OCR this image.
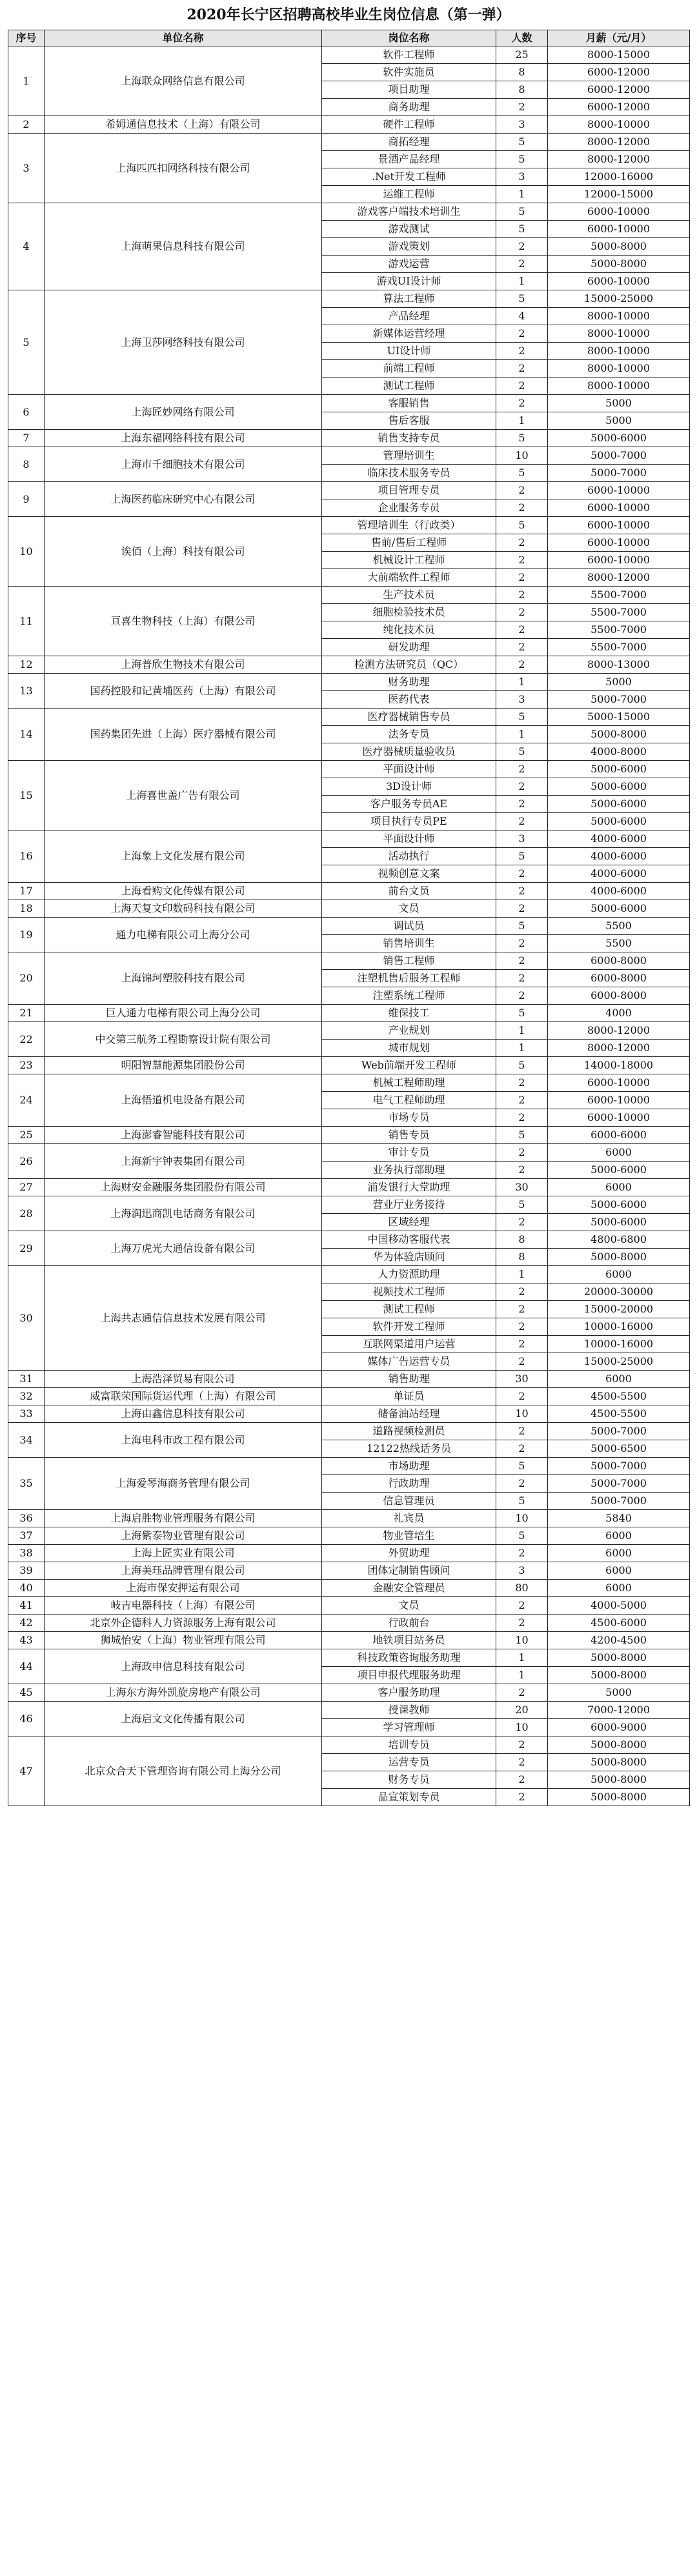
2020年长宁区招聘高校毕业生岗位信息（第一弹）
序号	单位名称	岗位名称	人数	月薪（元/月）
1	上海联众网络信息有限公司	软件工程师	25	8000-15000
		软件实施员	8	6000-12000
		项目助理	8	6000-12000
		商务助理	2	6000-12000
2	希姆通信息技术（上海）有限公司	硬件工程师	3	8000-10000
3	上海匹匹扣网络科技有限公司	商拓经理	5	8000-12000
		景酒产品经理	5	8000-12000
		.Net开发工程师	3	12000-16000
		运维工程师	1	12000-15000
4	上海萌果信息科技有限公司	游戏客户端技术培训生	5	6000-10000
		游戏测试	5	6000-10000
		游戏策划	2	5000-8000
		游戏运营	2	5000-8000
		游戏UI设计师	1	6000-10000
5	上海卫莎网络科技有限公司	算法工程师	5	15000-25000
		产品经理	4	8000-10000
		新媒体运营经理	2	8000-10000
		UI设计师	2	8000-10000
		前端工程师	2	8000-10000
		测试工程师	2	8000-10000
6	上海匠妙网络有限公司	客服销售	2	5000
		售后客服	1	5000
7	上海东福网络科技有限公司	销售支持专员	5	5000-6000
8	上海市千细胞技术有限公司	管理培训生	10	5000-7000
		临床技术服务专员	5	5000-7000
9	上海医药临床研究中心有限公司	项目管理专员	2	6000-10000
		企业服务专员	2	6000-10000
10	诶佰（上海）科技有限公司	管理培训生（行政类）	5	6000-10000
		售前/售后工程师	2	6000-10000
		机械设计工程师	2	6000-10000
		大前端软件工程师	2	8000-12000
11	亘喜生物科技（上海）有限公司	生产技术员	2	5500-7000
		细胞检验技术员	2	5500-7000
		纯化技术员	2	5500-7000
		研发助理	2	5500-7000
12	上海普欣生物技术有限公司	检测方法研究员（QC）	2	8000-13000
13	国药控股和记黄埔医药（上海）有限公司	财务助理	1	5000
		医药代表	3	5000-7000
14	国药集团先进（上海）医疗器械有限公司	医疗器械销售专员	5	5000-15000
		法务专员	1	5000-8000
		医疗器械质量验收员	5	4000-8000
15	上海喜世盖广告有限公司	平面设计师	2	5000-6000
		3D设计师	2	5000-6000
		客户服务专员AE	2	5000-6000
		项目执行专员PE	2	5000-6000
16	上海象上文化发展有限公司	平面设计师	3	4000-6000
		活动执行	5	4000-6000
		视频创意文案	2	4000-6000
17	上海看购文化传媒有限公司	前台文员	2	4000-6000
18	上海天复文印数码科技有限公司	文员	2	5000-6000
19	通力电梯有限公司上海分公司	调试员	5	5500
		销售培训生	2	5500
20	上海锦珂塑胶科技有限公司	销售工程师	2	6000-8000
		注塑机售后服务工程师	2	6000-8000
		注塑系统工程师	2	6000-8000
21	巨人通力电梯有限公司上海分公司	维保技工	5	4000
22	中交第三航务工程勘察设计院有限公司	产业规划	1	8000-12000
		城市规划	1	8000-12000
23	明阳智慧能源集团股份公司	Web前端开发工程师	5	14000-18000
24	上海悟道机电设备有限公司	机械工程师助理	2	6000-10000
		电气工程师助理	2	6000-10000
		市场专员	2	6000-10000
25	上海澎睿智能科技有限公司	销售专员	5	6000-6000
26	上海新宇钟表集团有限公司	审计专员	2	6000
		业务执行部助理	2	5000-6000
27	上海财安金融服务集团股份有限公司	浦发银行大堂助理	30	6000
28	上海润迅商凯电话商务有限公司	营业厅业务接待	5	5000-6000
		区域经理	2	5000-6000
29	上海万虎光大通信设备有限公司	中国移动客服代表	8	4800-6800
		华为体验店顾问	8	5000-8000
30	上海共志通信信息技术发展有限公司	人力资源助理	1	6000
		视频技术工程师	2	20000-30000
		测试工程师	2	15000-20000
		软件开发工程师	2	10000-16000
		互联网渠道用户运营	2	10000-16000
		媒体广告运营专员	2	15000-25000
31	上海浩泽贸易有限公司	销售助理	30	6000
32	威富联荣国际货运代理（上海）有限公司	单证员	2	4500-5500
33	上海由鑫信息科技有限公司	储备油站经理	10	4500-5500
34	上海电科市政工程有限公司	道路视频检测员	2	5000-7000
		12122热线话务员	2	5000-6500
35	上海爱琴海商务管理有限公司	市场助理	5	5000-7000
		行政助理	2	5000-7000
		信息管理员	5	5000-7000
36	上海启胜物业管理服务有限公司	礼宾员	10	5840
37	上海紫泰物业管理有限公司	物业管培生	5	6000
38	上海上匠实业有限公司	外贸助理	2	6000
39	上海美珏品牌管理有限公司	团体定制销售顾问	3	6000
40	上海市保安押运有限公司	金融安全管理员	80	6000
41	岐吉电器科技（上海）有限公司	文员	2	4000-5000
42	北京外企德科人力资源服务上海有限公司	行政前台	2	4500-6000
43	狮城怡安（上海）物业管理有限公司	地铁项目站务员	10	4200-4500
44	上海政申信息科技有限公司	科技政策咨询服务助理	1	5000-8000
		项目申报代理服务助理	1	5000-8000
45	上海东方海外凯旋房地产有限公司	客户服务助理	2	5000
46	上海启文文化传播有限公司	授课教师	20	7000-12000
		学习管理师	10	6000-9000
47	北京众合天下管理咨询有限公司上海分公司	培训专员	2	5000-8000
		运营专员	2	5000-8000
		财务专员	2	5000-8000
		品宣策划专员	2	5000-8000
